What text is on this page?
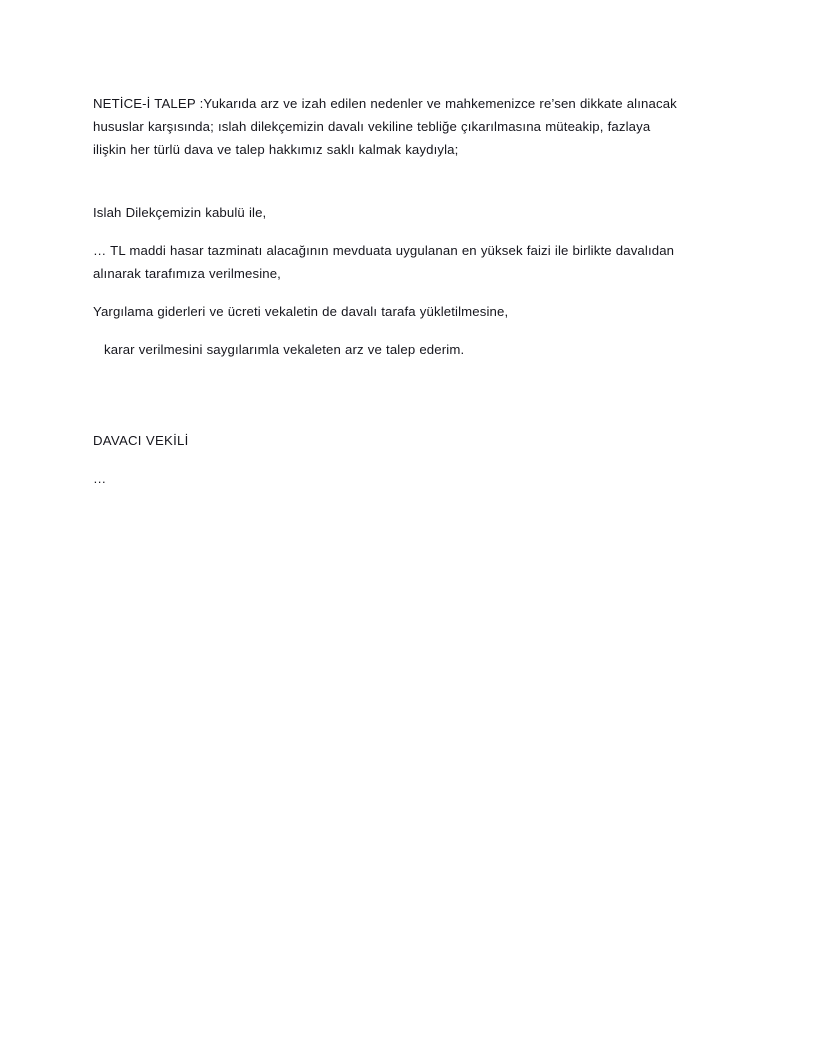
NETİCE-İ TALEP :Yukarıda arz ve izah edilen nedenler ve mahkemenizce re’sen dikkate alınacak hususlar karşısında; ıslah dilekçemizin davalı vekiline tebliğe çıkarılmasına müteakip, fazlaya ilişkin her türlü dava ve talep hakkımız saklı kalmak kaydıyla;

Islah Dilekçemizin kabulü ile,

… TL maddi hasar tazminatı alacağının mevduata uygulanan en yüksek faizi ile birlikte davalıdan alınarak tarafımıza verilmesine,

Yargılama giderleri ve ücreti vekaletin de davalı tarafa yükletilmesine,

karar verilmesini saygılarımla vekaleten arz ve talep ederim.

DAVACI VEKİLİ

…
